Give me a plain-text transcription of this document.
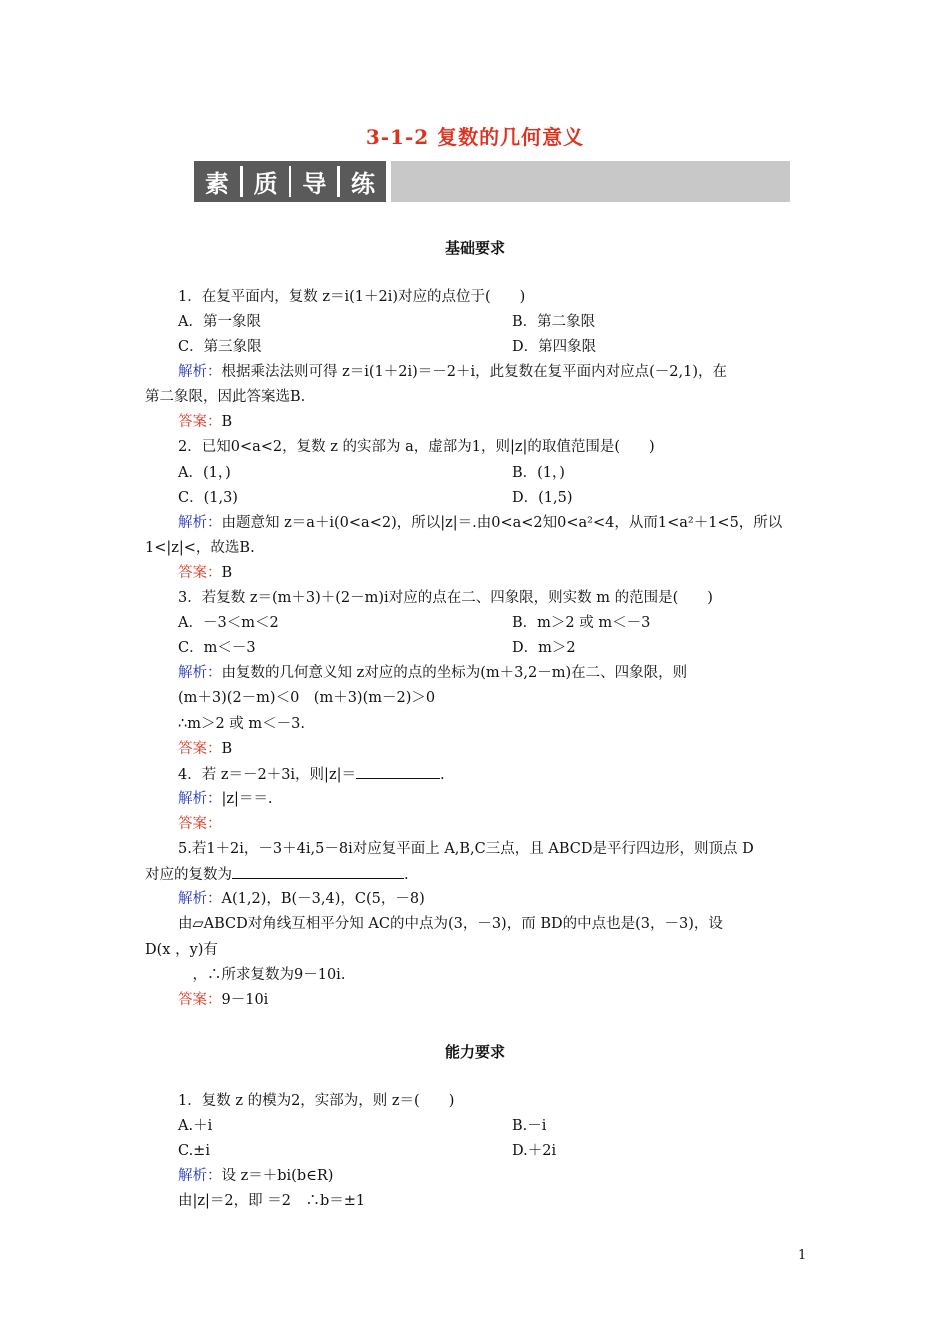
3-1-2 复数的几何意义
素	质	导	练
基础要求
1．在复平面内，复数 z＝i(1＋2i)对应的点位于(　　)
A．第一象限	B．第二象限
C．第三象限	D．第四象限
解析：根据乘法法则可得 z＝i(1＋2i)＝－2＋i，此复数在复平面内对应点(－2,1)，在
第二象限，因此答案选B.
答案：B
2．已知0<a<2，复数 z 的实部为 a，虚部为1，则|z|的取值范围是(　　)
A．(1，)	B．(1，)
C．(1,3)	D．(1,5)
解析：由题意知 z＝a＋i(0<a<2)，所以|z|＝.由0<a<2知0<a²<4，从而1<a²＋1<5，所以
1<|z|<，故选B.
答案：B
3．若复数 z＝(m＋3)＋(2－m)i对应的点在二、四象限，则实数 m 的范围是(　　)
A．－3＜m＜2	B．m＞2 或 m＜－3
C．m＜－3	D．m＞2
解析：由复数的几何意义知 z对应的点的坐标为(m＋3,2－m)在二、四象限，则
(m＋3)(2－m)＜0　(m＋3)(m－2)＞0
∴m＞2 或 m＜－3.
答案：B
4．若 z＝－2＋3i，则|z|＝	.
解析：|z|＝＝.
答案：
5.若1＋2i，－3＋4i,5－8i对应复平面上 A,B,C三点，且 ABCD是平行四边形，则顶点 D
对应的复数为	.
解析：A(1,2)，B(－3,4)，C(5，－8)
由▱ABCD对角线互相平分知 AC的中点为(3，－3)，而 BD的中点也是(3，－3)，设
D(x ，y)有
　，∴所求复数为9－10i.
答案：9－10i
能力要求
1．复数 z 的模为2，实部为，则 z＝(　　)
A.＋i	B.－i
C.±i	D.＋2i
解析：设 z＝＋bi(b∈R)
由|z|＝2，即 ＝2　∴b＝±1
1
